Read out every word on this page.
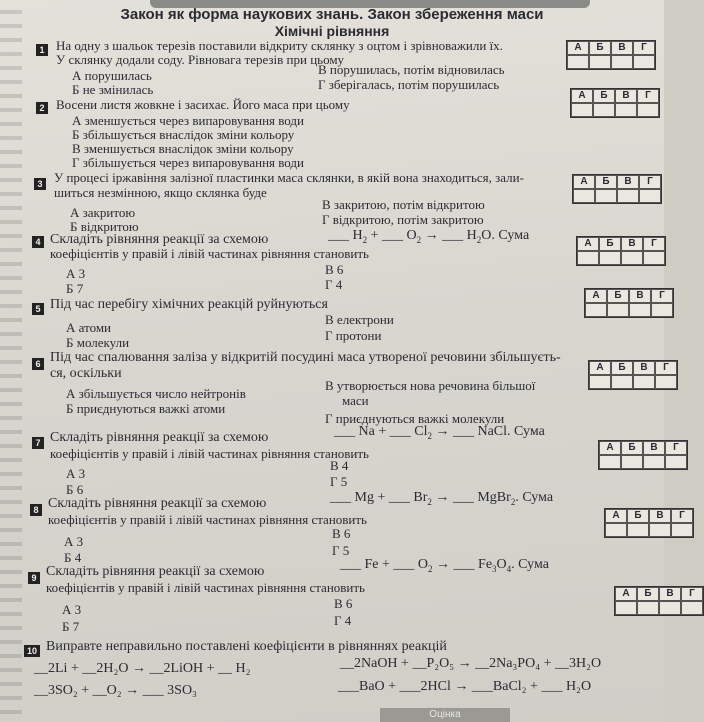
Закон як форма наукових знань. Закон збереження маси
Хімічні рівняння
1 На одну з шальок терезів поставили відкриту склянку з оцтом і зрівноважили їх.
У склянку додали соду. Рівновага терезів при цьому
А порушилась
Б не змінилась
В порушилась, потім відновилась
Г зберігалась, потім порушилась
А	Б	В	Г
2 Восени листя жовкне і засихає. Його маса при цьому
А зменшується через випаровування води
Б збільшується внаслідок зміни кольору
В зменшується внаслідок зміни кольору
Г збільшується через випаровування води
А	Б	В	Г
3 У процесі іржавіння залізної пластинки маса склянки, в якій вона знаходиться, зали-
шиться незмінною, якщо склянка буде
А закритою
Б відкритою
В закритою, потім відкритою
Г відкритою, потім закритою
А	Б	В	Г
4 Складіть рівняння реакції за схемою	___ $H_2$ + ___ $O_2$ → ___ $H_2O$. Сума
коефіцієнтів у правій і лівій частинах рівняння становить
А 3
Б 7
В 6
Г 4
А	Б	В	Г
5 Під час перебігу хімічних реакцій руйнуються
А атоми
Б молекули
В електрони
Г протони
А	Б	В	Г
6 Під час спалювання заліза у відкритій посудині маса утвореної речовини збільшуєть-
ся, оскільки
А збільшується число нейтронів
Б приєднуються важкі атоми
В утворюється нова речовина більшої
маси
Г приєднуються важкі молекули
А	Б	В	Г
7 Складіть рівняння реакції за схемою	___ Na + ___ $Cl_2$ → ___ NaCl. Сума
коефіцієнтів у правій і лівій частинах рівняння становить
А 3
Б 6
В 4
Г 5
А	Б	В	Г
8 Складіть рівняння реакції за схемою	___ Mg + ___ $Br_2$ → ___ MgBr$_2$. Сума
коефіцієнтів у правій і лівій частинах рівняння становить
А 3
Б 4
В 6
Г 5
А	Б	В	Г
9 Складіть рівняння реакції за схемою	___ Fe + ___ $O_2$ → ___ $Fe_3O_4$. Сума
коефіцієнтів у правій і лівій частинах рівняння становить
А 3
Б 7
В 6
Г 4
А	Б	В	Г
10 Виправте неправильно поставлені коефіцієнти в рівняннях реакцій
__2Li + __2H₂O → __2LiOH + __ H₂	__2NaOH + __P₂O₅ → __2Na₃PO₄ + __3H₂O
__3SO₂ + __O₂ → ___ 3SO₃	___BaO + ___2HCl → ___BaCl₂ + ___ H₂O
Оцінка
